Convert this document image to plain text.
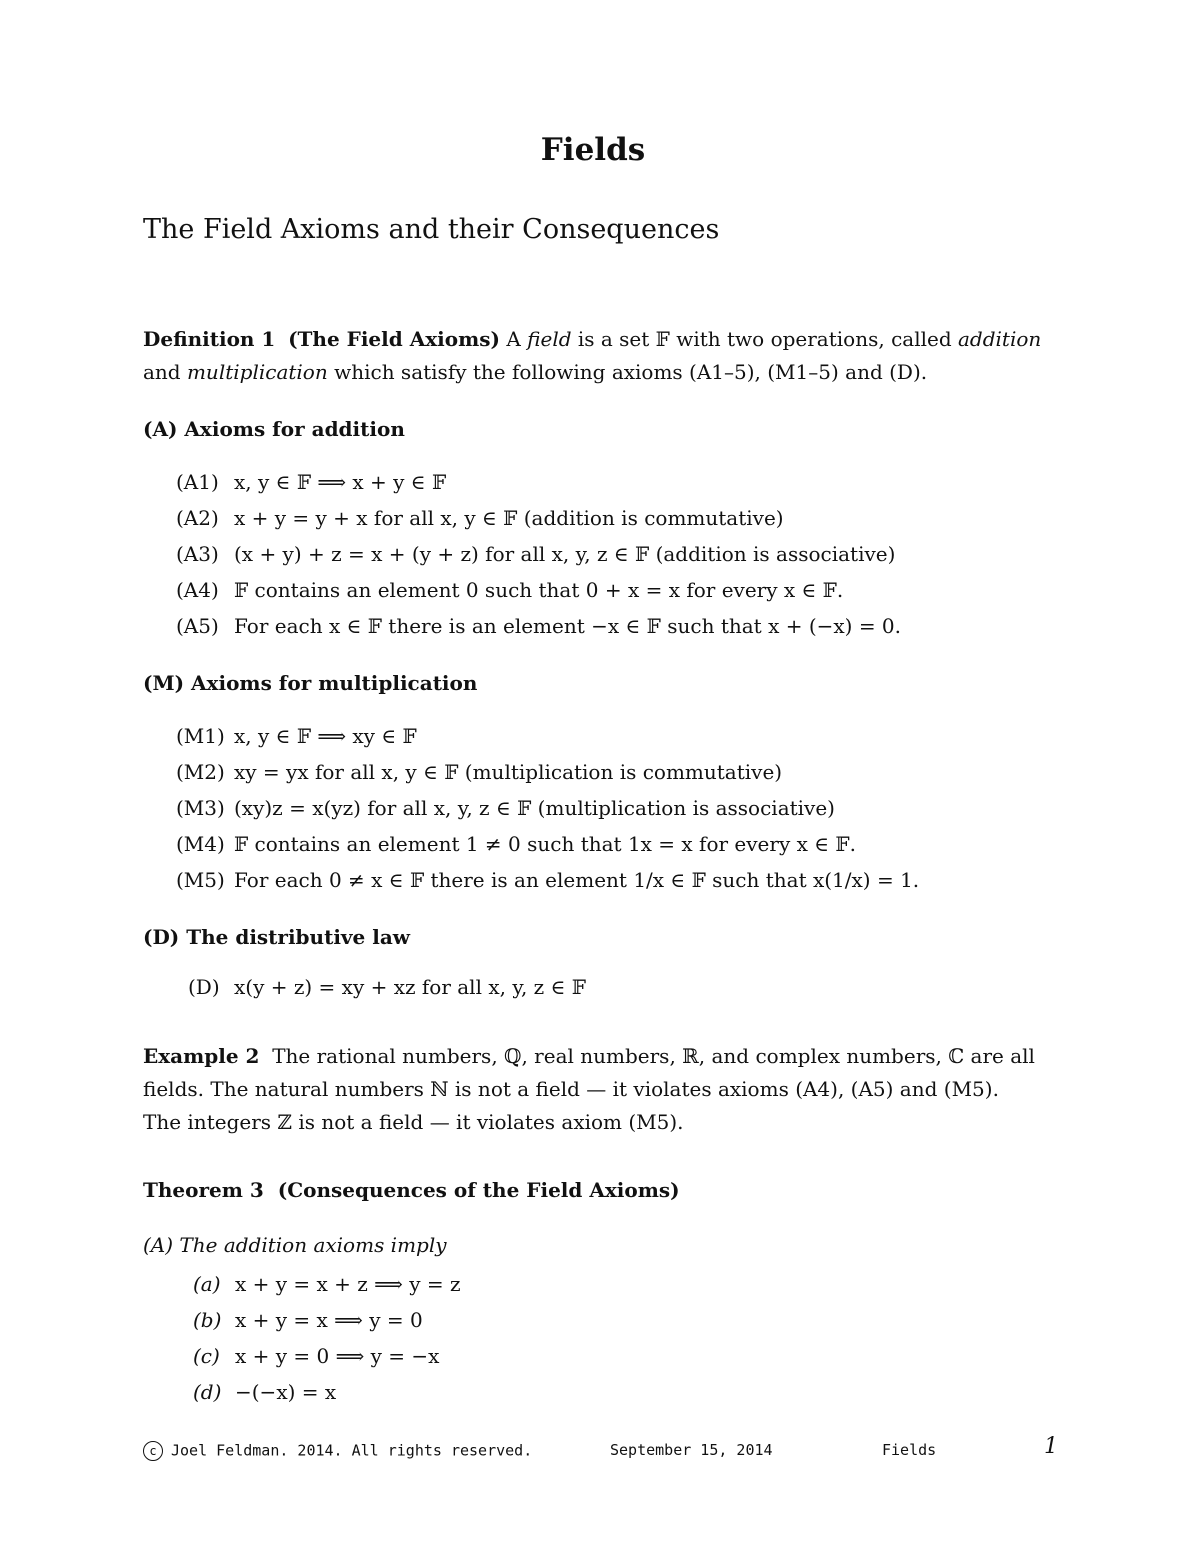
Fields
The Field Axioms and their Consequences
Definition 1 (The Field Axioms) A field is a set 𝔽 with two operations, called addition
and multiplication which satisfy the following axioms (A1–5), (M1–5) and (D).
(A) Axioms for addition
(A1) x, y ∈ 𝔽 ⟹ x + y ∈ 𝔽
(A2) x + y = y + x for all x, y ∈ 𝔽 (addition is commutative)
(A3) (x + y) + z = x + (y + z) for all x, y, z ∈ 𝔽 (addition is associative)
(A4) 𝔽 contains an element 0 such that 0 + x = x for every x ∈ 𝔽.
(A5) For each x ∈ 𝔽 there is an element −x ∈ 𝔽 such that x + (−x) = 0.
(M) Axioms for multiplication
(M1) x, y ∈ 𝔽 ⟹ xy ∈ 𝔽
(M2) xy = yx for all x, y ∈ 𝔽 (multiplication is commutative)
(M3) (xy)z = x(yz) for all x, y, z ∈ 𝔽 (multiplication is associative)
(M4) 𝔽 contains an element 1 ≠ 0 such that 1x = x for every x ∈ 𝔽.
(M5) For each 0 ≠ x ∈ 𝔽 there is an element 1/x ∈ 𝔽 such that x(1/x) = 1.
(D) The distributive law
(D) x(y + z) = xy + xz for all x, y, z ∈ 𝔽
Example 2 The rational numbers, ℚ, real numbers, ℝ, and complex numbers, ℂ are all
fields. The natural numbers ℕ is not a field — it violates axioms (A4), (A5) and (M5).
The integers ℤ is not a field — it violates axiom (M5).
Theorem 3 (Consequences of the Field Axioms)
(A) The addition axioms imply
(a) x + y = x + z ⟹ y = z
(b) x + y = x ⟹ y = 0
(c) x + y = 0 ⟹ y = −x
(d) −(−x) = x
c Joel Feldman. 2014. All rights reserved.	September 15, 2014	Fields	1
